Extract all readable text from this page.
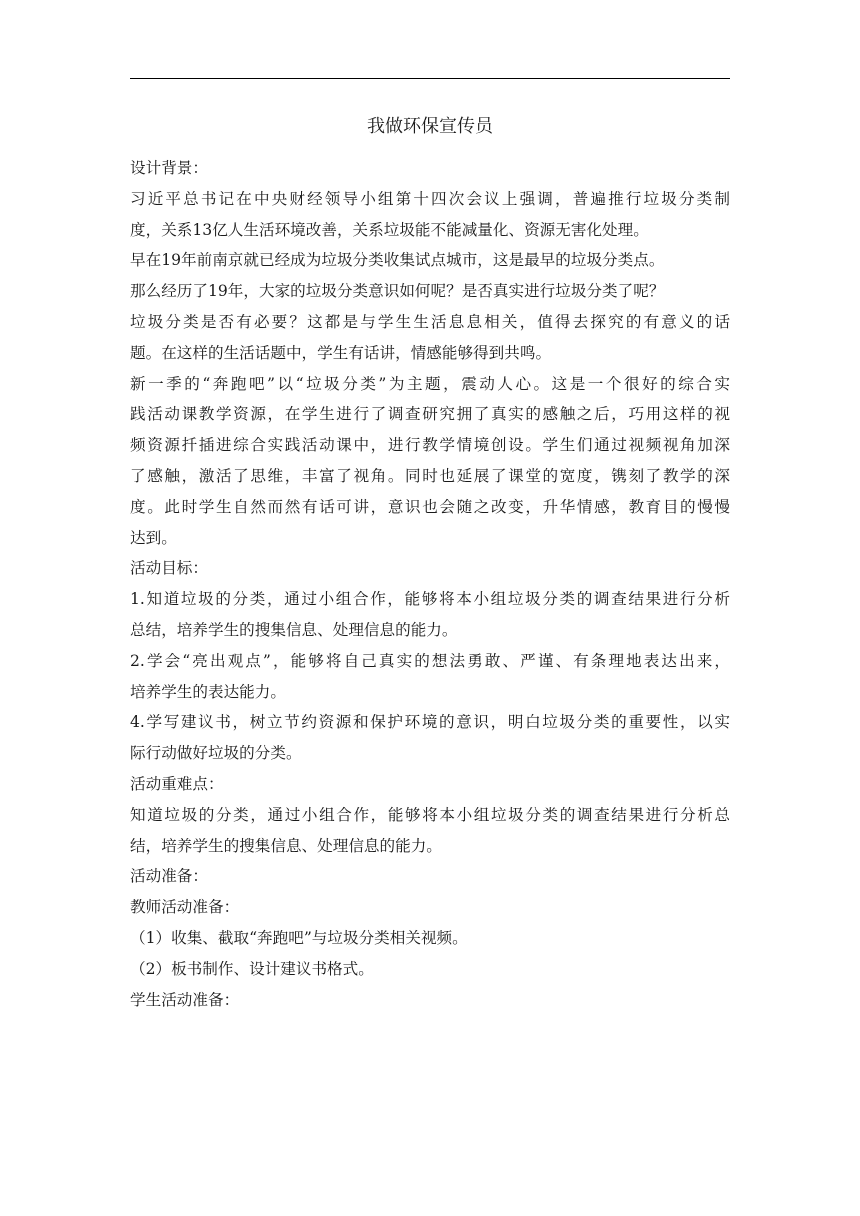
我做环保宣传员
设计背景：
习近平总书记在中央财经领导小组第十四次会议上强调，普遍推行垃圾分类制
度，关系13亿人生活环境改善，关系垃圾能不能减量化、资源无害化处理。
早在19年前南京就已经成为垃圾分类收集试点城市，这是最早的垃圾分类点。
那么经历了19年，大家的垃圾分类意识如何呢？是否真实进行垃圾分类了呢？
垃圾分类是否有必要？这都是与学生生活息息相关，值得去探究的有意义的话
题。在这样的生活话题中，学生有话讲，情感能够得到共鸣。
新一季的“奔跑吧”以“垃圾分类”为主题，震动人心。这是一个很好的综合实
践活动课教学资源，在学生进行了调查研究拥了真实的感触之后，巧用这样的视
频资源扦插进综合实践活动课中，进行教学情境创设。学生们通过视频视角加深
了感触，激活了思维，丰富了视角。同时也延展了课堂的宽度，镌刻了教学的深
度。此时学生自然而然有话可讲，意识也会随之改变，升华情感，教育目的慢慢
达到。
活动目标：
1.知道垃圾的分类，通过小组合作，能够将本小组垃圾分类的调查结果进行分析
总结，培养学生的搜集信息、处理信息的能力。
2.学会“亮出观点”，能够将自己真实的想法勇敢、严谨、有条理地表达出来，
培养学生的表达能力。
4.学写建议书，树立节约资源和保护环境的意识，明白垃圾分类的重要性，以实
际行动做好垃圾的分类。
活动重难点：
知道垃圾的分类，通过小组合作，能够将本小组垃圾分类的调查结果进行分析总
结，培养学生的搜集信息、处理信息的能力。
活动准备：
教师活动准备：
（1）收集、截取“奔跑吧”与垃圾分类相关视频。
（2）板书制作、设计建议书格式。
学生活动准备：
